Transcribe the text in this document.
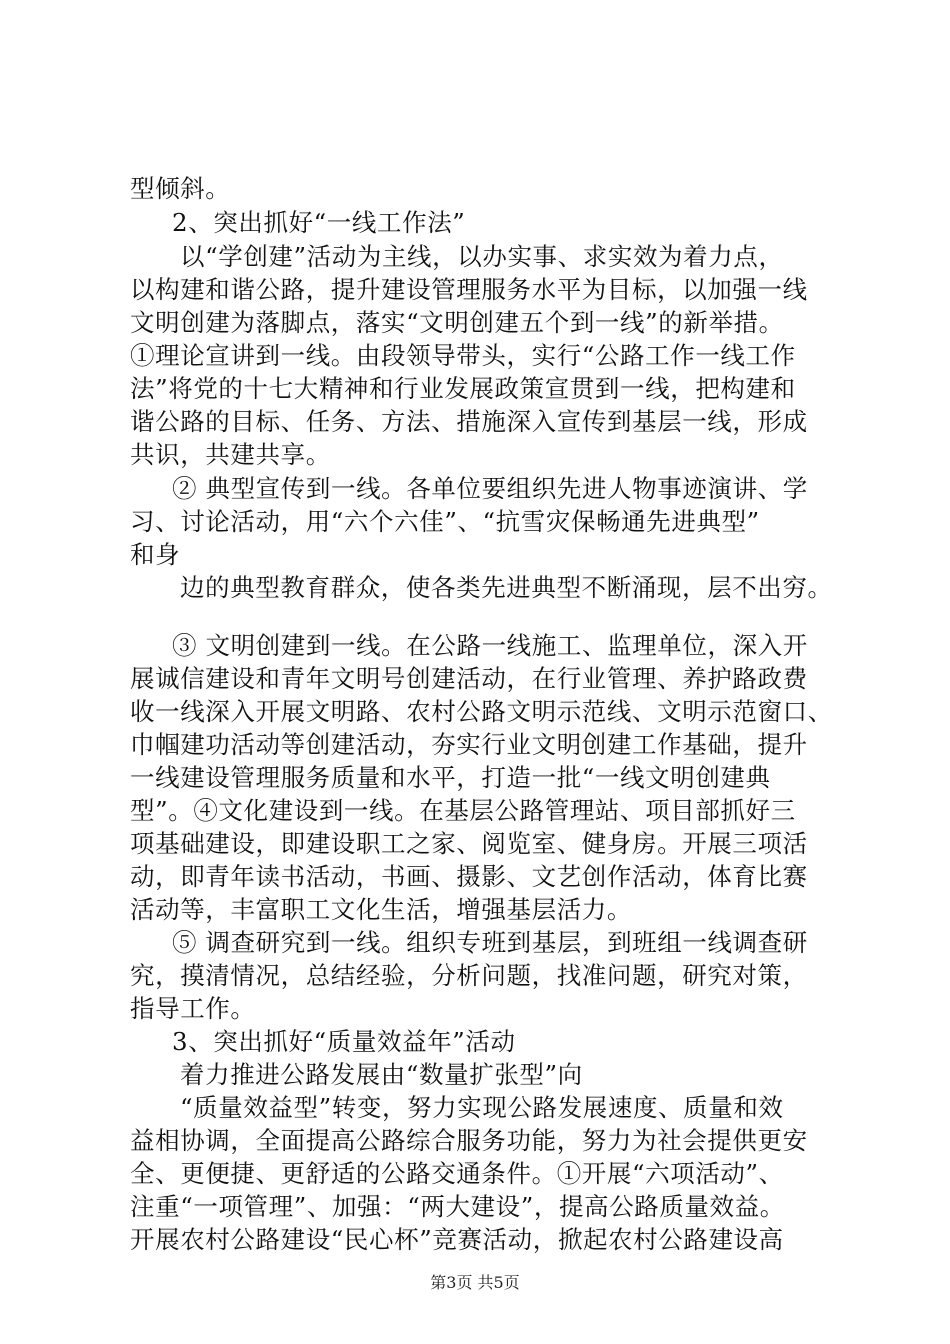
型倾斜。
2、突出抓好“一线工作法”
以“学创建”活动为主线，以办实事、求实效为着力点，
以构建和谐公路，提升建设管理服务水平为目标，以加强一线
文明创建为落脚点，落实“文明创建五个到一线”的新举措。
①理论宣讲到一线。由段领导带头，实行“公路工作一线工作
法”将党的十七大精神和行业发展政策宣贯到一线，把构建和
谐公路的目标、任务、方法、措施深入宣传到基层一线，形成
共识，共建共享。
② 典型宣传到一线。各单位要组织先进人物事迹演讲、学
习、讨论活动，用“六个六佳”、“抗雪灾保畅通先进典型”
和身
边的典型教育群众，使各类先进典型不断涌现，层不出穷。
③ 文明创建到一线。在公路一线施工、监理单位，深入开
展诚信建设和青年文明号创建活动，在行业管理、养护路政费
收一线深入开展文明路、农村公路文明示范线、文明示范窗口、
巾帼建功活动等创建活动，夯实行业文明创建工作基础，提升
一线建设管理服务质量和水平，打造一批“一线文明创建典
型”。④文化建设到一线。在基层公路管理站、项目部抓好三
项基础建设，即建设职工之家、阅览室、健身房。开展三项活
动，即青年读书活动，书画、摄影、文艺创作活动，体育比赛
活动等，丰富职工文化生活，增强基层活力。
⑤ 调查研究到一线。组织专班到基层，到班组一线调查研
究，摸清情况，总结经验，分析问题，找准问题，研究对策，
指导工作。
3、突出抓好“质量效益年”活动
着力推进公路发展由“数量扩张型”向
“质量效益型”转变，努力实现公路发展速度、质量和效
益相协调，全面提高公路综合服务功能，努力为社会提供更安
全、更便捷、更舒适的公路交通条件。①开展“六项活动”、
注重“一项管理”、加强：“两大建设”，提高公路质量效益。
开展农村公路建设“民心杯”竞赛活动，掀起农村公路建设高
第3页 共5页
